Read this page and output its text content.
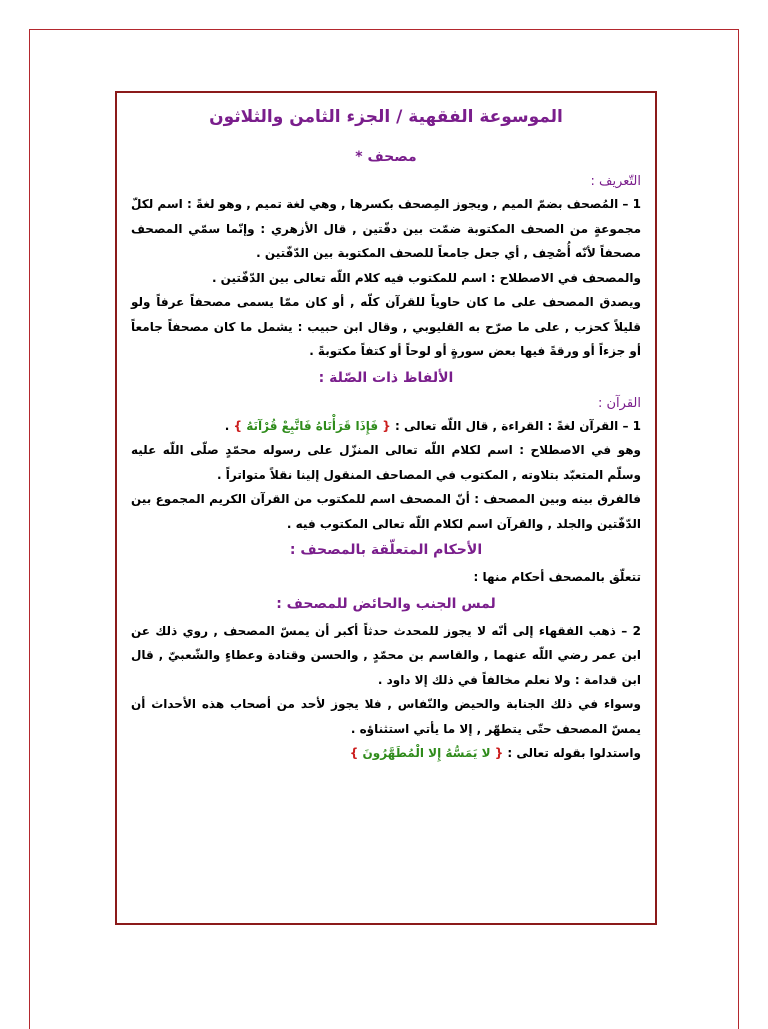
الموسوعة الفقهية / الجزء الثامن والثلاثون
مصحف *
التّعريف :

1 – المُصحف بضمّ الميم , ويجوز المِصحف بكسرها , وهي لغة تميم , وهو لغةً : اسم لكلّ مجموعةٍ من الصحف المكتوبة ضمّت بين دفّتين , قال الأزهري : وإنّما سمّي المصحف مصحفاً لأنّه أُصْحِف , أي جعل جامعاً للصحف المكتوبة بين الدّفّتين .

والمصحف في الاصطلاح : اسم للمكتوب فيه كلام اللّه تعالى بين الدّفّتين .

ويصدق المصحف على ما كان حاوياً للقرآن كلّه , أو كان ممّا يسمى مصحفاً عرفاً ولو قليلاً كحزب , على ما صرّح به القليوبي , وقال ابن حبيب : يشمل ما كان مصحفاً جامعاً أو جزءاً أو ورقةً فيها بعض سورةٍ أو لوحاً أو كتفاً مكتوبةً .

الألفاظ ذات الصّلة :
القرآن :

1 – القرآن لغةً : القراءة , قال اللّه تعالى : { فَإِذَا قَرَأْنَاهُ فَاتَّبِعْ قُرْآنَهُ } .

وهو في الاصطلاح : اسم لكلام اللّه تعالى المنزّل على رسوله محمّدٍ صلّى اللّه عليه وسلّم المتعبّد بتلاوته , المكتوب في المصاحف المنقول إلينا نقلاً متواتراً .

فالفرق بينه وبين المصحف : أنّ المصحف اسم للمكتوب من القرآن الكريم المجموع بين الدّفّتين والجلد , والقرآن اسم لكلام اللّه تعالى المكتوب فيه .

الأحكام المتعلّقة بالمصحف :

تتعلّق بالمصحف أحكام منها :

لمس الجنب والحائض للمصحف :

2 – ذهب الفقهاء إلى أنّه لا يجوز للمحدث حدثاً أكبر أن يمسّ المصحف , روي ذلك عن ابن عمر رضي اللّه عنهما , والقاسم بن محمّدٍ , والحسن وقتادة وعطاءٍ والشّعبيّ , قال ابن قدامة : ولا نعلم مخالفاً في ذلك إلا داود .

وسواء في ذلك الجنابة والحيض والنّفاس , فلا يجوز لأحد من أصحاب هذه الأحداث أن يمسّ المصحف حتّى يتطهّر , إلا ما يأتي استثناؤه .

واستدلوا بقوله تعالى : { لا يَمَسُّهُ إِلا الْمُطَهَّرُونَ }
